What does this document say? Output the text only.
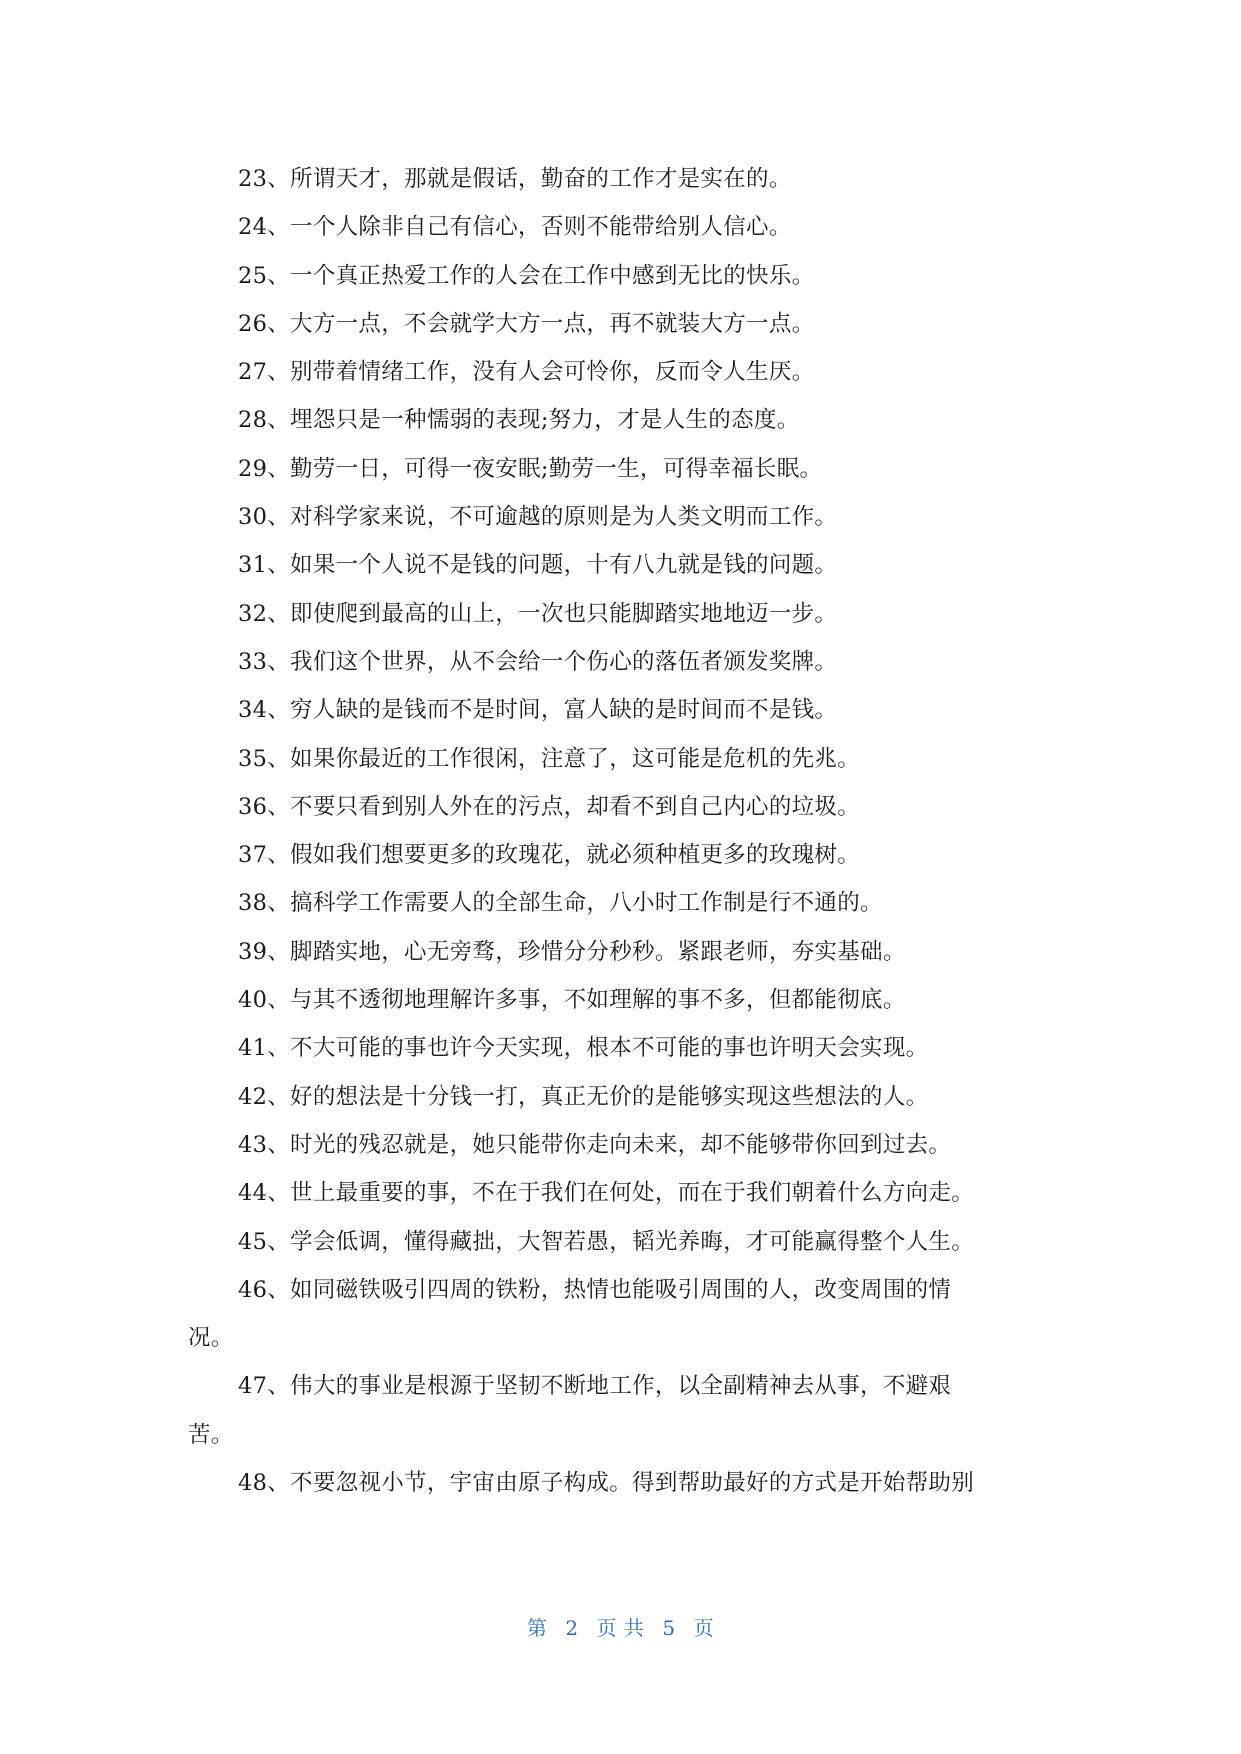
23、所谓天才，那就是假话，勤奋的工作才是实在的。
24、一个人除非自己有信心，否则不能带给别人信心。
25、一个真正热爱工作的人会在工作中感到无比的快乐。
26、大方一点，不会就学大方一点，再不就装大方一点。
27、别带着情绪工作，没有人会可怜你，反而令人生厌。
28、埋怨只是一种懦弱的表现;努力，才是人生的态度。
29、勤劳一日，可得一夜安眠;勤劳一生，可得幸福长眠。
30、对科学家来说，不可逾越的原则是为人类文明而工作。
31、如果一个人说不是钱的问题，十有八九就是钱的问题。
32、即使爬到最高的山上，一次也只能脚踏实地地迈一步。
33、我们这个世界，从不会给一个伤心的落伍者颁发奖牌。
34、穷人缺的是钱而不是时间，富人缺的是时间而不是钱。
35、如果你最近的工作很闲，注意了，这可能是危机的先兆。
36、不要只看到别人外在的污点，却看不到自己内心的垃圾。
37、假如我们想要更多的玫瑰花，就必须种植更多的玫瑰树。
38、搞科学工作需要人的全部生命，八小时工作制是行不通的。
39、脚踏实地，心无旁骛，珍惜分分秒秒。紧跟老师，夯实基础。
40、与其不透彻地理解许多事，不如理解的事不多，但都能彻底。
41、不大可能的事也许今天实现，根本不可能的事也许明天会实现。
42、好的想法是十分钱一打，真正无价的是能够实现这些想法的人。
43、时光的残忍就是，她只能带你走向未来，却不能够带你回到过去。
44、世上最重要的事，不在于我们在何处，而在于我们朝着什么方向走。
45、学会低调，懂得藏拙，大智若愚，韬光养晦，才可能赢得整个人生。
46、如同磁铁吸引四周的铁粉，热情也能吸引周围的人，改变周围的情
况。
47、伟大的事业是根源于坚韧不断地工作，以全副精神去从事，不避艰
苦。
48、不要忽视小节，宇宙由原子构成。得到帮助最好的方式是开始帮助别
第 2 页 共 5 页
